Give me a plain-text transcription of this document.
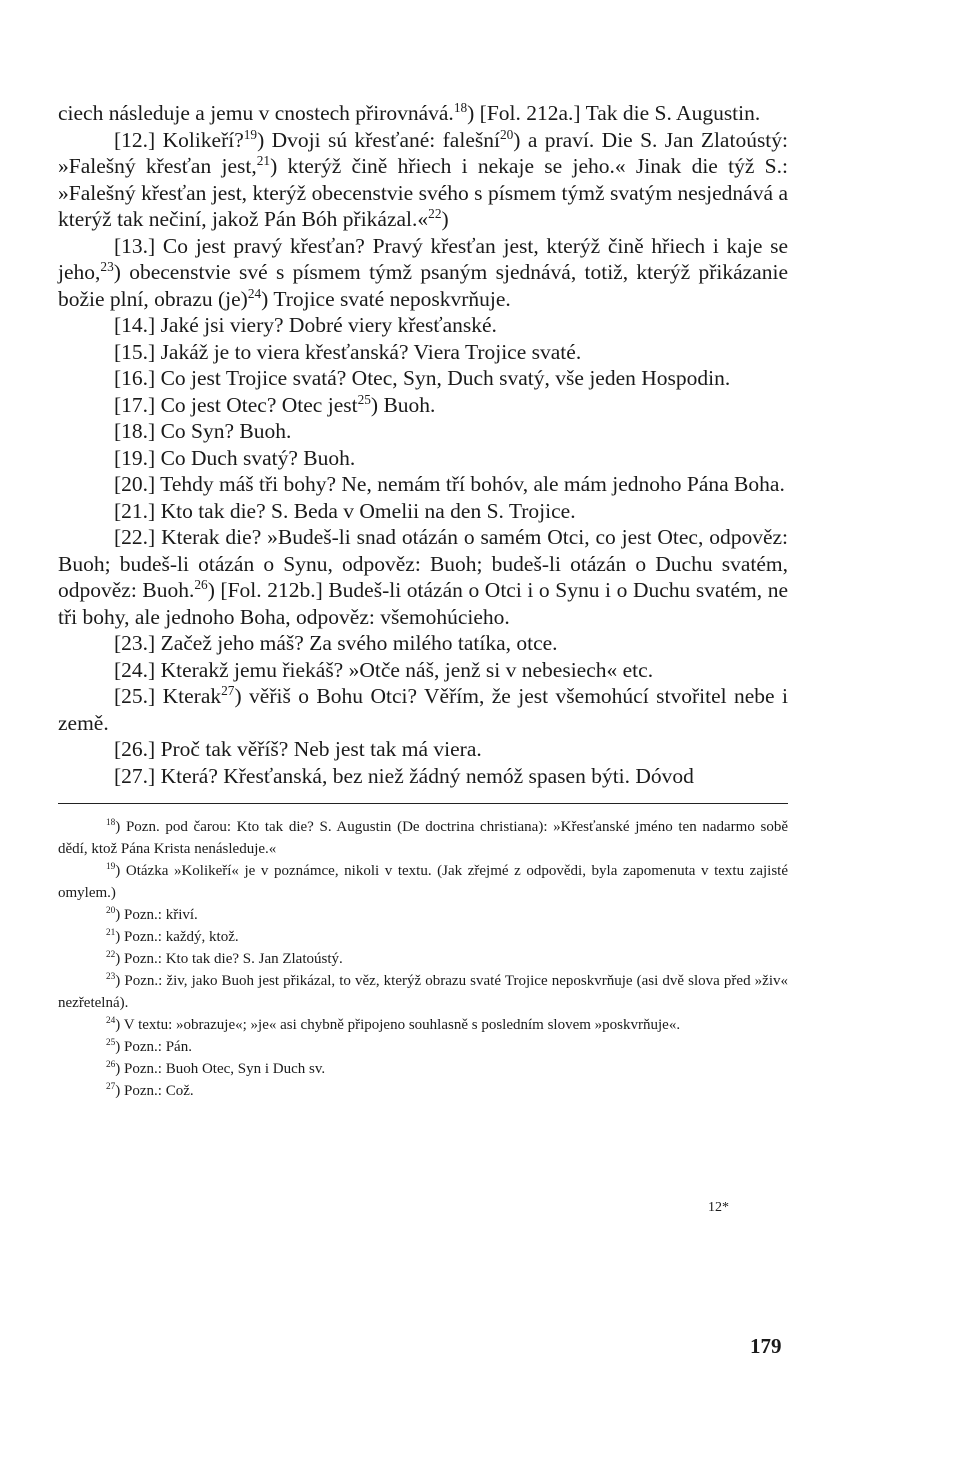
ciech následuje a jemu v cnostech přirovnává.$^{18}$) [Fol. 212a.] Tak die S. Augustin.

[12.] Kolikeří?$^{19}$) Dvoji sú křesťané: falešní$^{20}$) a praví. Die S. Jan Zlatoústý: »Falešný křesťan jest,$^{21}$) kterýž čině hřiech i nekaje se jeho.« Jinak die týž S.: »Falešný křesťan jest, kterýž obecenstvie svého s písmem týmž svatým nesjednává a kterýž tak nečiní, jakož Pán Bóh přikázal.«$^{22}$)

[13.] Co jest pravý křesťan? Pravý křesťan jest, kterýž čině hřiech i kaje se jeho,$^{23}$) obecenstvie své s písmem týmž psaným sjednává, totiž, kterýž přikázanie božie plní, obrazu (je)$^{24}$) Trojice svaté neposkvrňuje.

[14.] Jaké jsi viery? Dobré viery křesťanské.

[15.] Jakáž je to viera křesťanská? Viera Trojice svaté.

[16.] Co jest Trojice svatá? Otec, Syn, Duch svatý, vše jeden Hospodin.

[17.] Co jest Otec? Otec jest$^{25}$) Buoh.

[18.] Co Syn? Buoh.

[19.] Co Duch svatý? Buoh.

[20.] Tehdy máš tři bohy? Ne, nemám tří bohóv, ale mám jednoho Pána Boha.

[21.] Kto tak die? S. Beda v Omelii na den S. Trojice.

[22.] Kterak die? »Budeš-li snad otázán o samém Otci, co jest Otec, odpověz: Buoh; budeš-li otázán o Synu, odpověz: Buoh; budeš-li otázán o Duchu svatém, odpověz: Buoh.$^{26}$) [Fol. 212b.] Budeš-li otázán o Otci i o Synu i o Duchu svatém, ne tři bohy, ale jednoho Boha, odpověz: všemohúcieho.

[23.] Začež jeho máš? Za svého milého tatíka, otce.

[24.] Kterakž jemu řiekáš? »Otče náš, jenž si v nebesiech« etc.

[25.] Kterak$^{27}$) věřiš o Bohu Otci? Věřím, že jest všemohúcí stvořitel nebe i země.

[26.] Proč tak věříš? Neb jest tak má viera.

[27.] Která? Křesťanská, bez niež žádný nemóž spasen býti. Dóvod

$^{18}$) Pozn. pod čarou: Kto tak die? S. Augustin (De doctrina christiana): »Křesťanské jméno ten nadarmo sobě dědí, ktož Pána Krista nenásleduje.«

$^{19}$) Otázka »Kolikeří« je v poznámce, nikoli v textu. (Jak zřejmé z odpovědi, byla zapomenuta v textu zajisté omylem.)

$^{20}$) Pozn.: křiví.

$^{21}$) Pozn.: každý, ktož.

$^{22}$) Pozn.: Kto tak die? S. Jan Zlatoústý.

$^{23}$) Pozn.: živ, jako Buoh jest přikázal, to věz, kterýž obrazu svaté Trojice neposkvrňuje (asi dvě slova před »živ« nezřetelná).

$^{24}$) V textu: »obrazuje«; »je« asi chybně připojeno souhlasně s posledním slovem »poskvrňuje«.

$^{25}$) Pozn.: Pán.

$^{26}$) Pozn.: Buoh Otec, Syn i Duch sv.

$^{27}$) Pozn.: Což.

12*
179
